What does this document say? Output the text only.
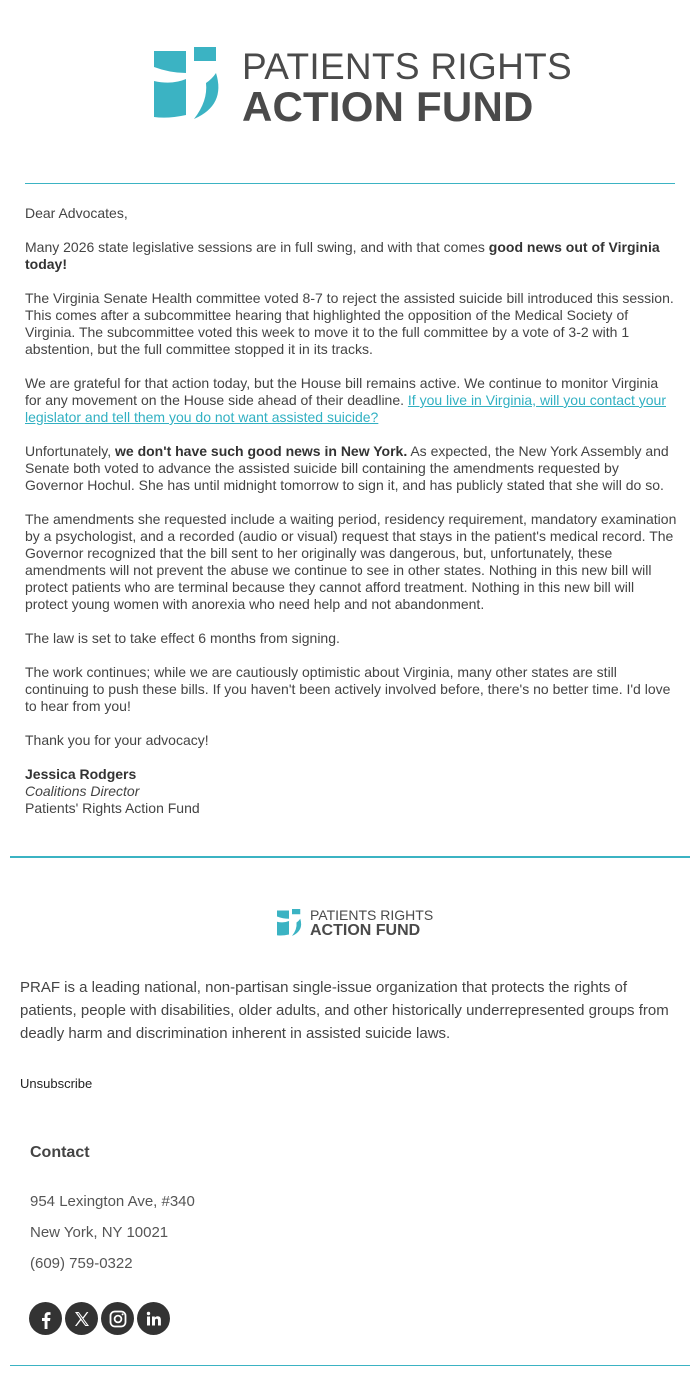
PATIENTS RIGHTS
ACTION FUND

Dear Advocates,

Many 2026 state legislative sessions are in full swing, and with that comes good news out of Virginia today!

The Virginia Senate Health committee voted 8-7 to reject the assisted suicide bill introduced this session. This comes after a subcommittee hearing that highlighted the opposition of the Medical Society of Virginia. The subcommittee voted this week to move it to the full committee by a vote of 3-2 with 1 abstention, but the full committee stopped it in its tracks.

We are grateful for that action today, but the House bill remains active. We continue to monitor Virginia for any movement on the House side ahead of their deadline. If you live in Virginia, will you contact your legislator and tell them you do not want assisted suicide?

Unfortunately, we don't have such good news in New York. As expected, the New York Assembly and Senate both voted to advance the assisted suicide bill containing the amendments requested by Governor Hochul. She has until midnight tomorrow to sign it, and has publicly stated that she will do so.

The amendments she requested include a waiting period, residency requirement, mandatory examination by a psychologist, and a recorded (audio or visual) request that stays in the patient's medical record. The Governor recognized that the bill sent to her originally was dangerous, but, unfortunately, these amendments will not prevent the abuse we continue to see in other states. Nothing in this new bill will protect patients who are terminal because they cannot afford treatment. Nothing in this new bill will protect young women with anorexia who need help and not abandonment.

The law is set to take effect 6 months from signing.

The work continues; while we are cautiously optimistic about Virginia, many other states are still continuing to push these bills. If you haven't been actively involved before, there's no better time. I'd love to hear from you!

Thank you for your advocacy!

Jessica Rodgers
Coalitions Director
Patients' Rights Action Fund

PATIENTS RIGHTS
ACTION FUND

PRAF is a leading national, non-partisan single-issue organization that protects the rights of patients, people with disabilities, older adults, and other historically underrepresented groups from deadly harm and discrimination inherent in assisted suicide laws.

Unsubscribe
Contact
954 Lexington Ave, #340
New York, NY 10021
(609) 759-0322
